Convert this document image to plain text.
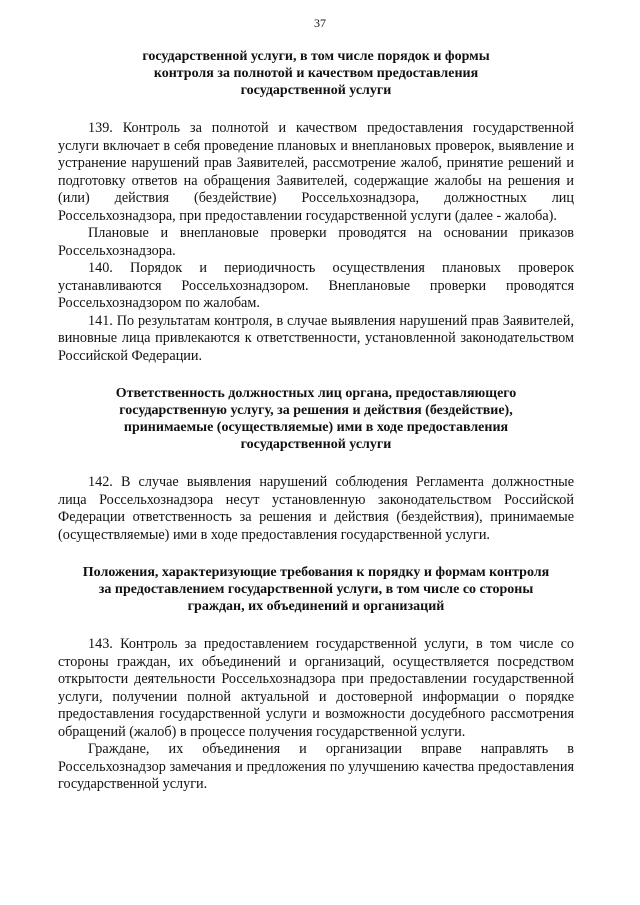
37

государственной услуги, в том числе порядок и формы

контроля за полнотой и качеством предоставления

государственной услуги

139. Контроль за полнотой и качеством предоставления государственной услуги включает в себя проведение плановых и внеплановых проверок, выявление и устранение нарушений прав Заявителей, рассмотрение жалоб, принятие решений и подготовку ответов на обращения Заявителей, содержащие жалобы на решения и (или) действия (бездействие) Россельхознадзора, должностных лиц Россельхознадзора, при предоставлении государственной услуги (далее - жалоба).

Плановые и внеплановые проверки проводятся на основании приказов Россельхознадзора.

140. Порядок и периодичность осуществления плановых проверок устанавливаются Россельхознадзором. Внеплановые проверки проводятся Россельхознадзором по жалобам.

141. По результатам контроля, в случае выявления нарушений прав Заявителей, виновные лица привлекаются к ответственности, установленной законодательством Российской Федерации.

Ответственность должностных лиц органа, предоставляющего

государственную услугу, за решения и действия (бездействие),

принимаемые (осуществляемые) ими в ходе предоставления

государственной услуги

142. В случае выявления нарушений соблюдения Регламента должностные лица Россельхознадзора несут установленную законодательством Российской Федерации ответственность за решения и действия (бездействия), принимаемые (осуществляемые) ими в ходе предоставления государственной услуги.

Положения, характеризующие требования к порядку и формам контроля

за предоставлением государственной услуги, в том числе со стороны

граждан, их объединений и организаций

143. Контроль за предоставлением государственной услуги, в том числе со стороны граждан, их объединений и организаций, осуществляется посредством открытости деятельности Россельхознадзора при предоставлении государственной услуги, получении полной актуальной и достоверной информации о порядке предоставления государственной услуги и возможности досудебного рассмотрения обращений (жалоб) в процессе получения государственной услуги.

Граждане, их объединения и организации вправе направлять в Россельхознадзор замечания и предложения по улучшению качества предоставления государственной услуги.
